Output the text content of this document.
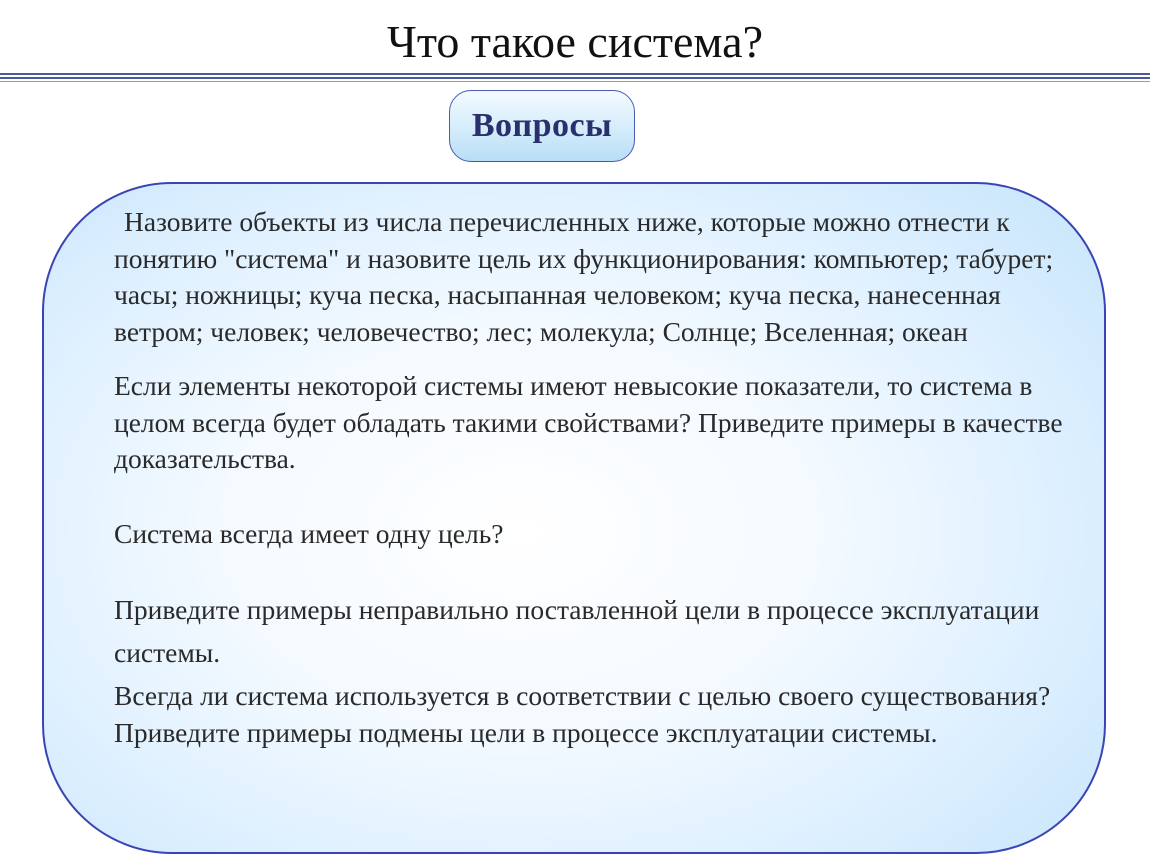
Что такое система?
Вопросы

Назовите объекты из числа перечисленных ниже, которые можно отнести к понятию "система" и назовите цель их функционирования: компьютер; табурет; часы; ножницы; куча песка, насыпанная человеком; куча песка, нанесенная ветром; человек; человечество; лес; молекула; Солнце; Вселенная; океан

Если элементы некоторой системы имеют невысокие показатели, то система в целом всегда будет обладать такими свойствами? Приведите примеры в качестве доказательства.

Система всегда имеет одну цель?

Приведите примеры неправильно поставленной цели в процессе эксплуатации системы.

Всегда ли система используется в соответствии с целью своего существования? Приведите примеры подмены цели в процессе эксплуатации системы.
